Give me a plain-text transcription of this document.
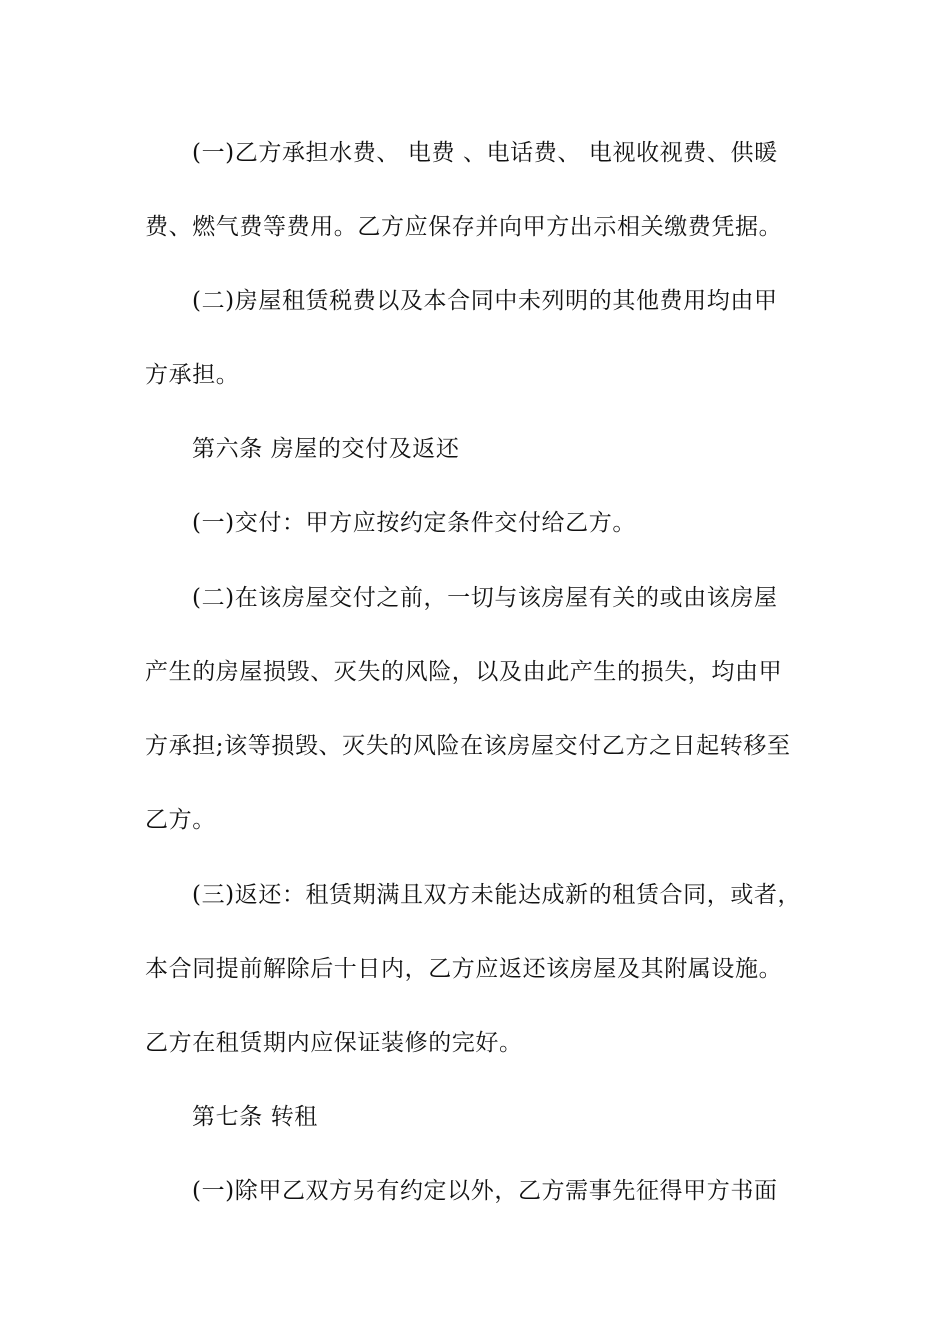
(一)乙方承担水费、 电费 、电话费、 电视收视费、供暖
费、燃气费等费用。乙方应保存并向甲方出示相关缴费凭据。
(二)房屋租赁税费以及本合同中未列明的其他费用均由甲
方承担。
第六条 房屋的交付及返还
(一)交付：甲方应按约定条件交付给乙方。
(二)在该房屋交付之前，一切与该房屋有关的或由该房屋
产生的房屋损毁、灭失的风险，以及由此产生的损失，均由甲
方承担;该等损毁、灭失的风险在该房屋交付乙方之日起转移至
乙方。
(三)返还：租赁期满且双方未能达成新的租赁合同，或者，
本合同提前解除后十日内，乙方应返还该房屋及其附属设施。
乙方在租赁期内应保证装修的完好。
第七条 转租
(一)除甲乙双方另有约定以外，乙方需事先征得甲方书面
